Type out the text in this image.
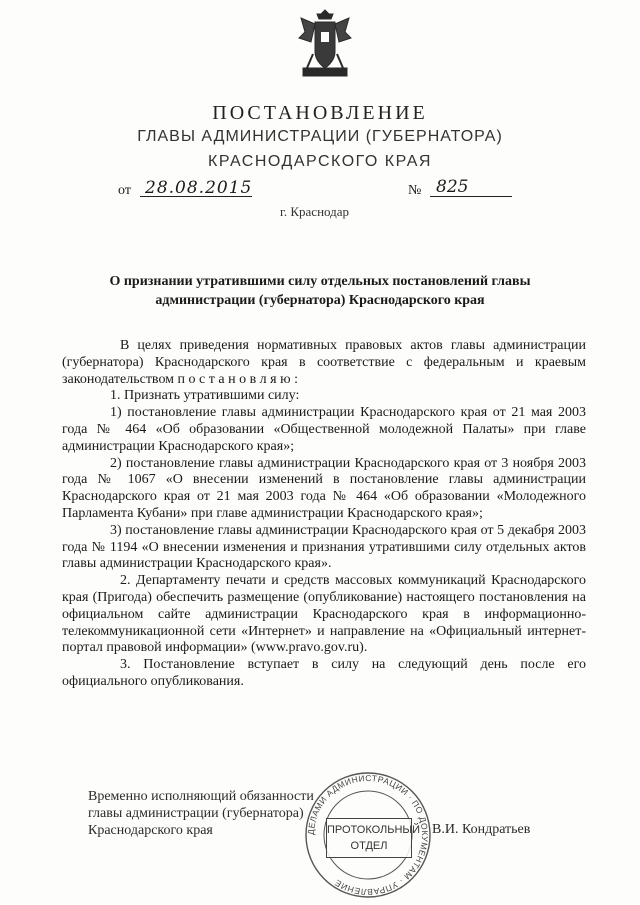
ПОСТАНОВЛЕНИЕ
ГЛАВЫ АДМИНИСТРАЦИИ (ГУБЕРНАТОРА)
КРАСНОДАРСКОГО КРАЯ
от 28.08.2015	№ 825
г. Краснодар
О признании утратившими силу отдельных постановлений главы
администрации (губернатора) Краснодарского края

В целях приведения нормативных правовых актов главы администрации (губернатора) Краснодарского края в соответствие с федеральным и краевым законодательством п о с т а н о в л я ю :

1. Признать утратившими силу:

1) постановление главы администрации Краснодарского края от 21 мая 2003 года № 464 «Об образовании «Общественной молодежной Палаты» при главе администрации Краснодарского края»;

2) постановление главы администрации Краснодарского края от 3 ноября 2003 года № 1067 «О внесении изменений в постановление главы администрации Краснодарского края от 21 мая 2003 года № 464 «Об образовании «Молодежного Парламента Кубани» при главе администрации Краснодарского края»;

3) постановление главы администрации Краснодарского края от 5 декабря 2003 года № 1194 «О внесении изменения и признания утратившими силу отдельных актов главы администрации Краснодарского края».

2. Департаменту печати и средств массовых коммуникаций Краснодарского края (Пригода) обеспечить размещение (опубликование) настоящего постановления на официальном сайте администрации Краснодарского края в информационно-телекоммуникационной сети «Интернет» и направление на «Официальный интернет-портал правовой информации» (www.pravo.gov.ru).

3. Постановление вступает в силу на следующий день после его официального опубликования.

Временно исполняющий обязанности
главы администрации (губернатора)
Краснодарского края	ДЕЛАМИ АДМИНИСТРАЦИИ · ПО ДОКУМЕНТАМ · УПРАВЛЕНИЕ
ПРОТОКОЛЬНЫЙ
ОТДЕЛ
В.И. Кондратьев
